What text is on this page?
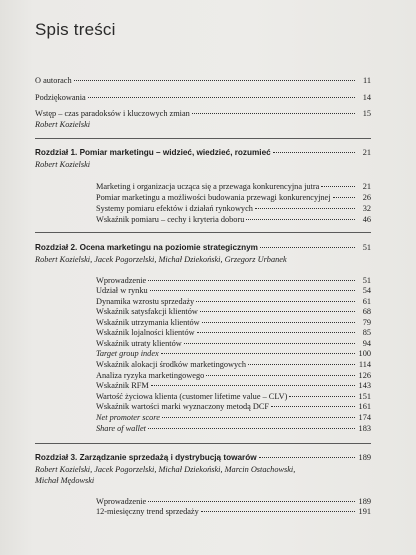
Spis treści
O autorach	11
Podziękowania	14
Wstęp – czas paradoksów i kluczowych zmian	15
Robert Kozielski
Rozdział 1. Pomiar marketingu – widzieć, wiedzieć, rozumieć	21
Robert Kozielski
Marketing i organizacja ucząca się a przewaga konkurencyjna jutra	21
Pomiar marketingu a możliwości budowania przewagi konkurencyjnej	26
Systemy pomiaru efektów i działań rynkowych	32
Wskaźnik pomiaru – cechy i kryteria doboru	46
Rozdział 2. Ocena marketingu na poziomie strategicznym	51
Robert Kozielski, Jacek Pogorzelski, Michał Dziekoński, Grzegorz Urbanek
Wprowadzenie	51
Udział w rynku	54
Dynamika wzrostu sprzedaży	61
Wskaźnik satysfakcji klientów	68
Wskaźnik utrzymania klientów	79
Wskaźnik lojalności klientów	85
Wskaźnik utraty klientów	94
Target group index	100
Wskaźnik alokacji środków marketingowych	114
Analiza ryzyka marketingowego	126
Wskaźnik RFM	143
Wartość życiowa klienta (customer lifetime value – CLV)	151
Wskaźnik wartości marki wyznaczony metodą DCF	161
Net promoter score	174
Share of wallet	183
Rozdział 3. Zarządzanie sprzedażą i dystrybucją towarów	189
Robert Kozielski, Jacek Pogorzelski, Michał Dziekoński, Marcin Ostachowski,
Michał Mędowski
Wprowadzenie	189
12-miesięczny trend sprzedaży	191
